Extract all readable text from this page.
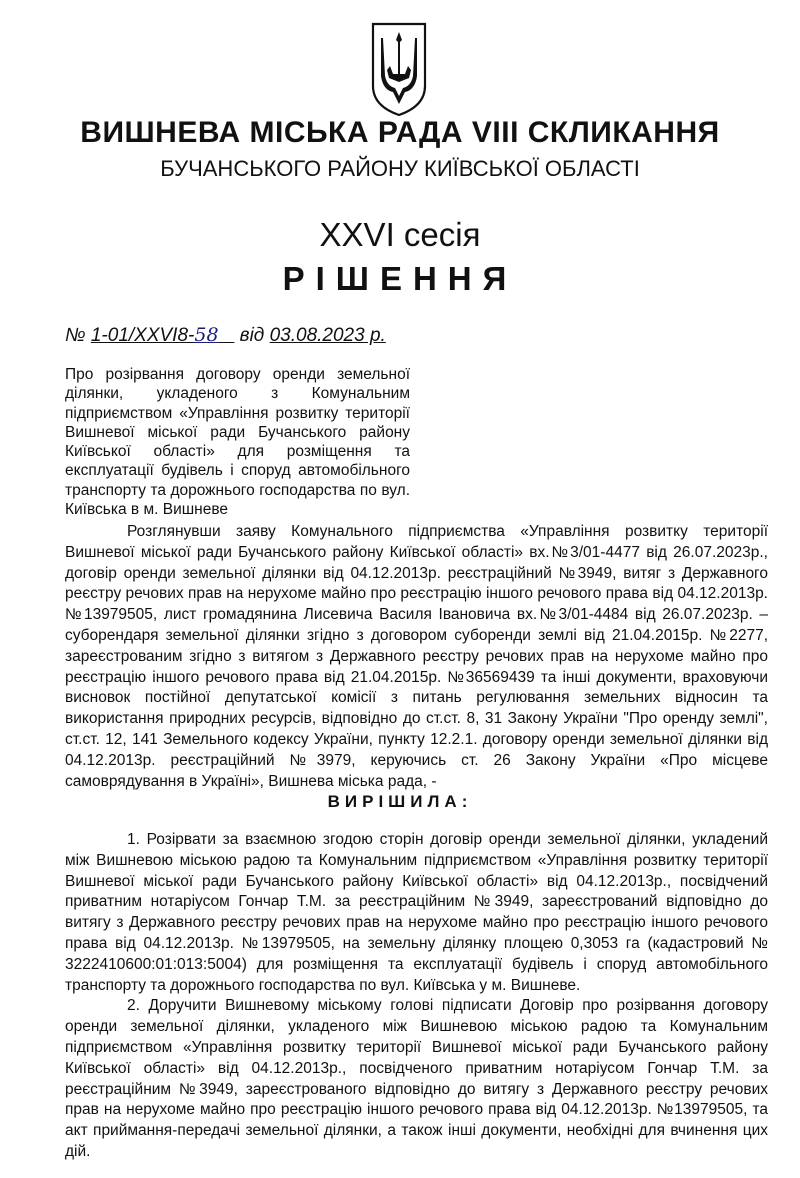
ВИШНЕВА МІСЬКА РАДА VIII СКЛИКАННЯ
БУЧАНСЬКОГО РАЙОНУ КИЇВСЬКОЇ ОБЛАСТІ
XXVI сесія
РІШЕННЯ
№ 1-01/XXVI8-58 від 03.08.2023 р.
Про розірвання договору оренди земельної ділянки, укладеного з Комунальним підприємством «Управління розвитку території Вишневої міської ради Бучанського району Київської області» для розміщення та експлуатації будівель і споруд автомобільного транспорту та дорожнього господарства по вул. Київська в м. Вишневе
Розглянувши заяву Комунального підприємства «Управління розвитку території Вишневої міської ради Бучанського району Київської області» вх.№3/01-4477 від 26.07.2023р., договір оренди земельної ділянки від 04.12.2013р. реєстраційний №3949, витяг з Державного реєстру речових прав на нерухоме майно про реєстрацію іншого речового права від 04.12.2013р. №13979505, лист громадянина Лисевича Василя Івановича вх.№3/01-4484 від 26.07.2023р. – суборендаря земельної ділянки згідно з договором суборенди землі від 21.04.2015р. №2277, зареєстрованим згідно з витягом з Державного реєстру речових прав на нерухоме майно про реєстрацію іншого речового права від 21.04.2015р. №36569439 та інші документи, враховуючи висновок постійної депутатської комісії з питань регулювання земельних відносин та використання природних ресурсів, відповідно до ст.ст. 8, 31 Закону України "Про оренду землі", ст.ст. 12, 141 Земельного кодексу України, пункту 12.2.1. договору оренди земельної ділянки від 04.12.2013р. реєстраційний №3979, керуючись ст. 26 Закону України «Про місцеве самоврядування в Україні», Вишнева міська рада, -
ВИРІШИЛА:

1. Розірвати за взаємною згодою сторін договір оренди земельної ділянки, укладений між Вишневою міською радою та Комунальним підприємством «Управління розвитку території Вишневої міської ради Бучанського району Київської області» від 04.12.2013р., посвідчений приватним нотаріусом Гончар Т.М. за реєстраційним №3949, зареєстрований відповідно до витягу з Державного реєстру речових прав на нерухоме майно про реєстрацію іншого речового права від 04.12.2013р. №13979505, на земельну ділянку площею 0,3053 га (кадастровий № 3222410600:01:013:5004) для розміщення та експлуатації будівель і споруд автомобільного транспорту та дорожнього господарства по вул. Київська у м. Вишневе.

2. Доручити Вишневому міському голові підписати Договір про розірвання договору оренди земельної ділянки, укладеного між Вишневою міською радою та Комунальним підприємством «Управління розвитку території Вишневої міської ради Бучанського району Київської області» від 04.12.2013р., посвідченого приватним нотаріусом Гончар Т.М. за реєстраційним №3949, зареєстрованого відповідно до витягу з Державного реєстру речових прав на нерухоме майно про реєстрацію іншого речового права від 04.12.2013р. №13979505, та акт приймання-передачі земельної ділянки, а також інші документи, необхідні для вчинення цих дій.
